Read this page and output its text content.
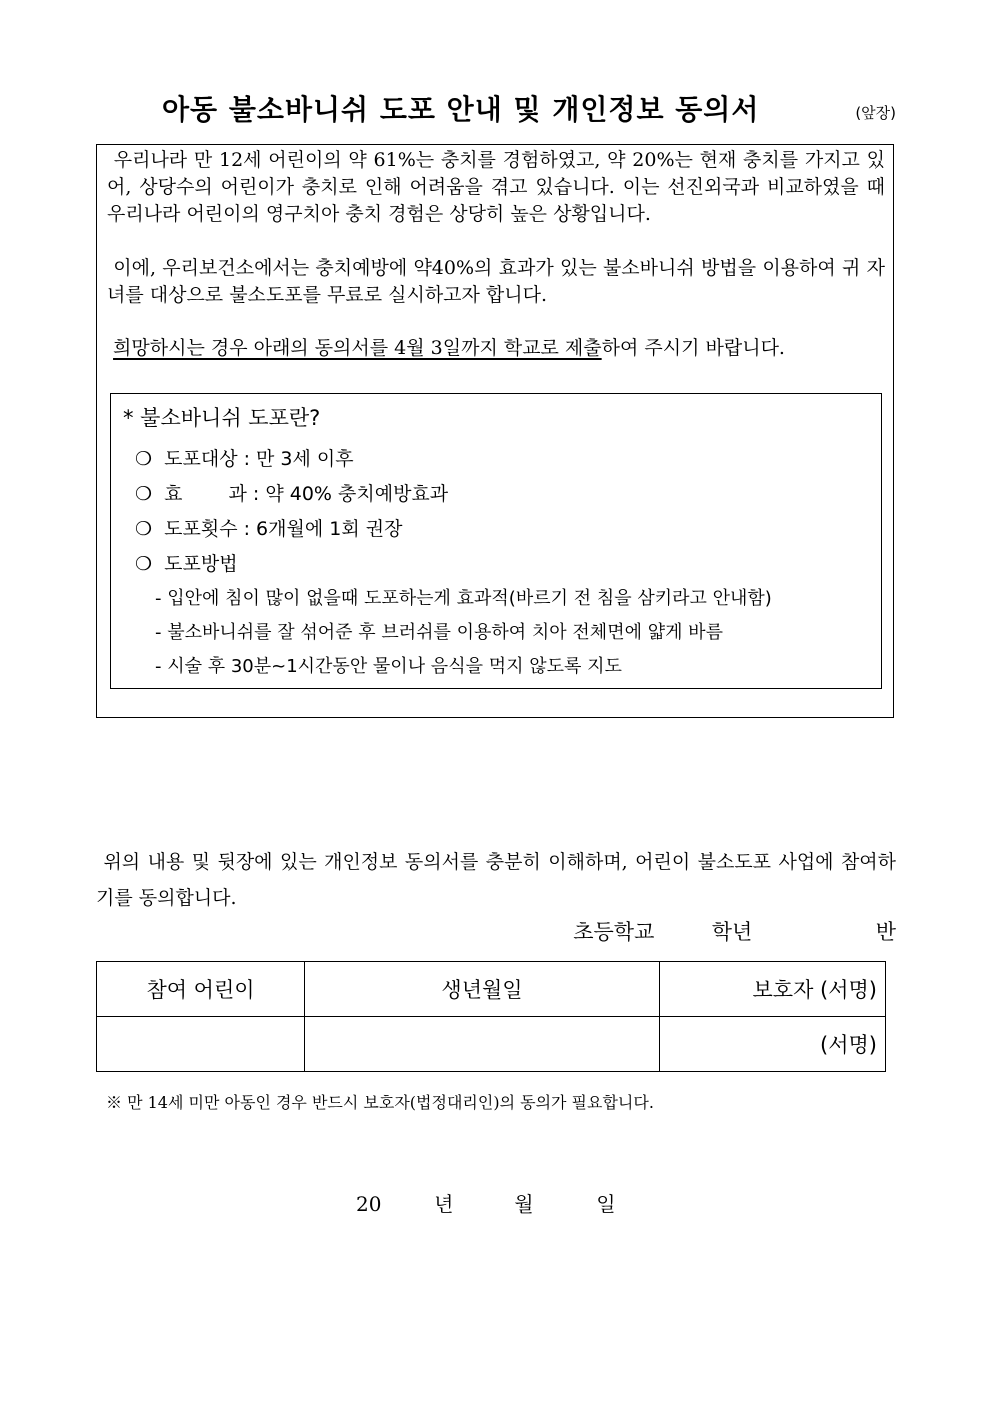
아동 불소바니쉬 도포 안내 및 개인정보 동의서	(앞장)
우리나라 만 12세 어린이의 약 61%는 충치를 경험하였고, 약 20%는 현재 충치를 가지고 있어, 상당수의 어린이가 충치로 인해 어려움을 겪고 있습니다. 이는 선진외국과 비교하였을 때 우리나라 어린이의 영구치아 충치 경험은 상당히 높은 상황입니다.
이에, 우리보건소에서는 충치예방에 약40%의 효과가 있는 불소바니쉬 방법을 이용하여 귀 자녀를 대상으로 불소도포를 무료로 실시하고자 합니다.
희망하시는 경우 아래의 동의서를 4월 3일까지 학교로 제출하여 주시기 바랍니다.
* 불소바니쉬 도포란?
❍ 도포대상 : 만 3세 이후
❍ 효 과 : 약 40% 충치예방효과
❍ 도포횟수 : 6개월에 1회 권장
❍ 도포방법
- 입안에 침이 많이 없을때 도포하는게 효과적(바르기 전 침을 삼키라고 안내함)
- 불소바니쉬를 잘 섞어준 후 브러쉬를 이용하여 치아 전체면에 얇게 바름
- 시술 후 30분~1시간동안 물이나 음식을 먹지 않도록 지도
위의 내용 및 뒷장에 있는 개인정보 동의서를 충분히 이해하며, 어린이 불소도포 사업에 참여하기를 동의합니다.
초등학교	학년	반
참여 어린이	생년월일	보호자 (서명)
		(서명)
※ 만 14세 미만 아동인 경우 반드시 보호자(법정대리인)의 동의가 필요합니다.
20	년	월	일
